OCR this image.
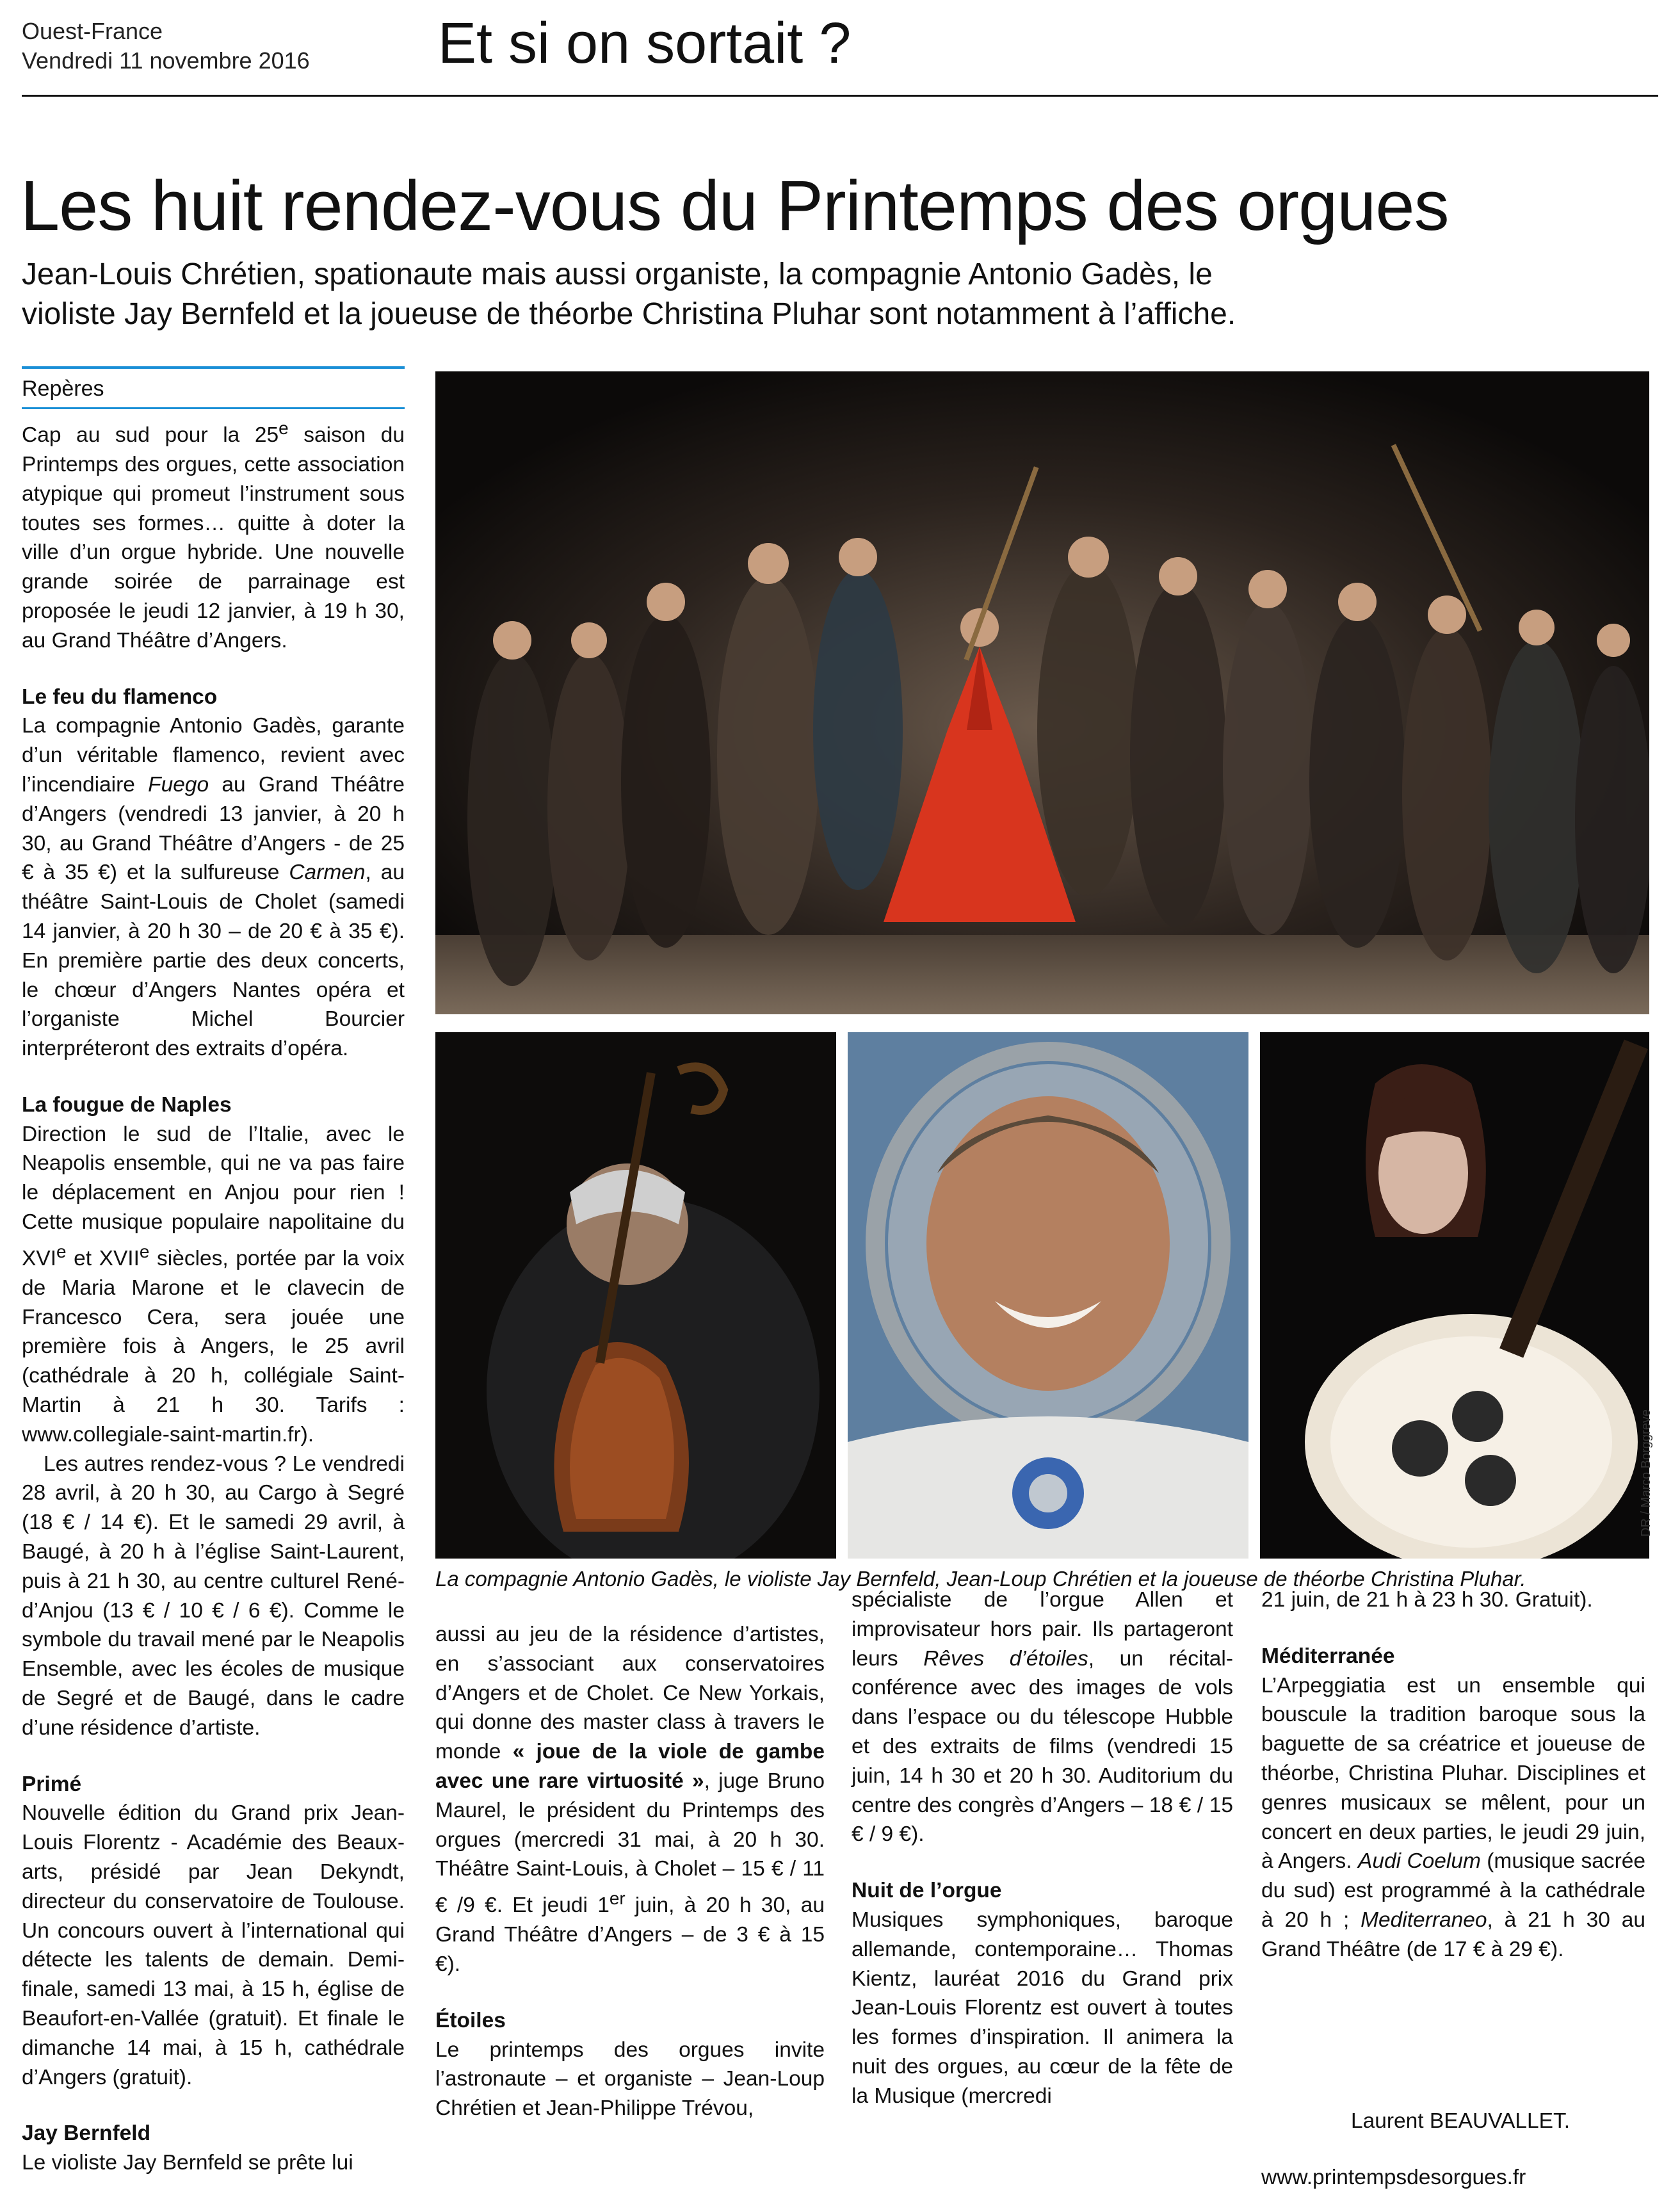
Ouest-France
Vendredi 11 novembre 2016 Et si on sortait ?
Les huit rendez-vous du Printemps des orgues
Jean-Louis Chrétien, spationaute mais aussi organiste, la compagnie Antonio Gadès, le violiste Jay Bernfeld et la joueuse de théorbe Christina Pluhar sont notamment à l’affiche.
Repères

Cap au sud pour la 25e saison du Printemps des orgues, cette association atypique qui promeut l’instrument sous toutes ses formes… quitte à doter la ville d’un orgue hybride. Une nouvelle grande soirée de parrainage est proposée le jeudi 12 janvier, à 19 h 30, au Grand Théâtre d’Angers.

Le feu du flamenco

La compagnie Antonio Gadès, garante d’un véritable flamenco, revient avec l’incendiaire Fuego au Grand Théâtre d’Angers (vendredi 13 janvier, à 20 h 30, au Grand Théâtre d’Angers - de 25 € à 35 €) et la sulfureuse Carmen, au théâtre Saint-Louis de Cholet (samedi 14 janvier, à 20 h 30 – de 20 € à 35 €). En première partie des deux concerts, le chœur d’Angers Nantes opéra et l’organiste Michel Bourcier interpréteront des extraits d’opéra.

La fougue de Naples

Direction le sud de l’Italie, avec le Neapolis ensemble, qui ne va pas faire le déplacement en Anjou pour rien ! Cette musique populaire napolitaine du XVIe et XVIIe siècles, portée par la voix de Maria Marone et le clavecin de Francesco Cera, sera jouée une première fois à Angers, le 25 avril (cathédrale à 20 h, collégiale Saint-Martin à 21 h 30. Tarifs : www.collegiale-saint-martin.fr).

Les autres rendez-vous ? Le vendredi 28 avril, à 20 h 30, au Cargo à Segré (18 € / 14 €). Et le samedi 29 avril, à Baugé, à 20 h à l’église Saint-Laurent, puis à 21 h 30, au centre culturel René-d’Anjou (13 € / 10 € / 6 €). Comme le symbole du travail mené par le Neapolis Ensemble, avec les écoles de musique de Segré et de Baugé, dans le cadre d’une résidence d’artiste.

Primé

Nouvelle édition du Grand prix Jean-Louis Florentz - Académie des Beaux-arts, présidé par Jean Dekyndt, directeur du conservatoire de Toulouse. Un concours ouvert à l’international qui détecte les talents de demain. Demi-finale, samedi 13 mai, à 15 h, église de Beaufort-en-Vallée (gratuit). Et finale le dimanche 14 mai, à 15 h, cathédrale d’Angers (gratuit).

Jay Bernfeld

Le violiste Jay Bernfeld se prête lui

DR / Marco Borggreve
La compagnie Antonio Gadès, le violiste Jay Bernfeld, Jean-Loup Chrétien et la joueuse de théorbe Christina Pluhar.

aussi au jeu de la résidence d’artistes, en s’associant aux conservatoires d’Angers et de Cholet. Ce New Yorkais, qui donne des master class à travers le monde « joue de la viole de gambe avec une rare virtuosité », juge Bruno Maurel, le président du Printemps des orgues (mercredi 31 mai, à 20 h 30. Théâtre Saint-Louis, à Cholet – 15 € / 11 € /9 €. Et jeudi 1er juin, à 20 h 30, au Grand Théâtre d’Angers – de 3 € à 15 €).

Étoiles

Le printemps des orgues invite l’astronaute – et organiste – Jean-Loup Chrétien et Jean-Philippe Trévou,

spécialiste de l’orgue Allen et improvisateur hors pair. Ils partageront leurs Rêves d’étoiles, un récital-conférence avec des images de vols dans l’espace ou du télescope Hubble et des extraits de films (vendredi 15 juin, 14 h 30 et 20 h 30. Auditorium du centre des congrès d’Angers – 18 € / 15 € / 9 €).

Nuit de l’orgue

Musiques symphoniques, baroque allemande, contemporaine… Thomas Kientz, lauréat 2016 du Grand prix Jean-Louis Florentz est ouvert à toutes les formes d’inspiration. Il animera la nuit des orgues, au cœur de la fête de la Musique (mercredi

21 juin, de 21 h à 23 h 30. Gratuit).

Méditerranée

L’Arpeggiatia est un ensemble qui bouscule la tradition baroque sous la baguette de sa créatrice et joueuse de théorbe, Christina Pluhar. Disciplines et genres musicaux se mêlent, pour un concert en deux parties, le jeudi 29 juin, à Angers. Audi Coelum (musique sacrée du sud) est programmé à la cathédrale à 20 h ; Mediterraneo, à 21 h 30 au Grand Théâtre (de 17 € à 29 €).

Laurent BEAUVALLET.
www.printempsdesorgues.fr
